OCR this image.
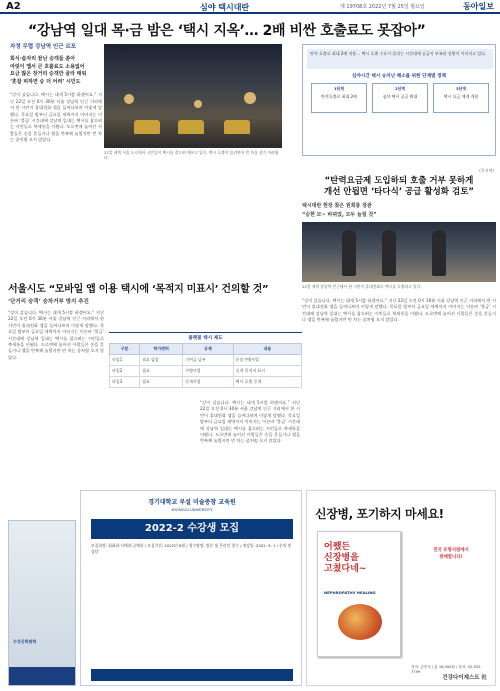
A2	심야 택시대란	제 19708호 2022년 7월 25일 월요일	동아일보
“강남역 일대 목·금 밤은 ‘택시 지옥’… 2배 비싼 호출료도 못잡아”
자정 무렵 강남역 인근 르포
회식·술자리 끝난 승객들 쏟아
여럿이 앱서 큰 호출료도 소용없어
요금 많은 장거리 승객만 골라 태워
‘혼잡 피하면 승 더 어려’ 시민도
“강이 갔습니다. 택시는 대개 5시쯤 하겠어요.” 지난 22일 오전 0시 30분 서울 강남역 인근 거리에서 한 시민이 휴대전화 앱을 들여다보며 이렇게 말했다. 목요일 밤부터 금요일 새벽까지 이어지는 이른바 ‘불금’ 시간대에 강남역 일대는 택시를 잡으려는 시민들로 북새통을 이뤘다. 도로변에 늘어선 사람들은 손을 흔들거나 앱을 반복해 눌렀지만 빈 차는 좀처럼 오지 않았다.
22일 새벽 서울 도로에서 시민들이 택시를 잡으려 애쓰고 있다. 택시 호출이 몰리면서 빈 차를 찾기 어려웠다.
탄력 호출료 최대 2배 적용… 택시 호출 수요가 몰리는 시간대에 공급이 부족한 상황이 이어지고 있다.
심야시간 택시 승차난 해소를 위한 단계별 정책
1단계
탄력호출료 최대 2배
2단계
심야 택시 공급 확대
3단계
택시 요금 체계 개편
(천지연)
“탄력요금제 도입하되 호출 거부 못하게
개선 안됩면 ‘타다식’ 공급 활성화 검토”
택시대란 현장 찾은 원희룡 장관
“승한 모~ 바뀌었, 모두 늘질 것”
22일 새벽 강남역 인근에서 한 시민이 휴대전화로 택시를 호출하고 있다.
“강이 갔습니다. 택시는 대개 5시쯤 하겠어요.” 지난 22일 오전 0시 30분 서울 강남역 인근 거리에서 한 시민이 휴대전화 앱을 들여다보며 이렇게 말했다. 목요일 밤부터 금요일 새벽까지 이어지는 이른바 ‘불금’ 시간대에 강남역 일대는 택시를 잡으려는 시민들로 북새통을 이뤘다. 도로변에 늘어선 사람들은 손을 흔들거나 앱을 반복해 눌렀지만 빈 차는 좀처럼 오지 않았다.
서울시도 “모바일 앱 이용 택시에 ‘목적지 미표시’ 건의할 것”
‘단거리 승객’ 승차거부 방지 추진
“강이 갔습니다. 택시는 대개 5시쯤 하겠어요.” 지난 22일 오전 0시 30분 서울 강남역 인근 거리에서 한 시민이 휴대전화 앱을 들여다보며 이렇게 말했다. 목요일 밤부터 금요일 새벽까지 이어지는 이른바 ‘불금’ 시간대에 강남역 일대는 택시를 잡으려는 시민들로 북새통을 이뤘다. 도로변에 늘어선 사람들은 손을 흔들거나 앱을 반복해 눌렀지만 빈 차는 좀처럼 오지 않았다.
플랫폼 택시 제도
구분	허가면허	규제	내용
타입1	필요 없음	기여금 납부	운송가맹사업
타입2	필요	가맹사업	승객 목적지 표시
타입3	필요	중개사업	택시 호출 중개
“강이 갔습니다. 택시는 대개 5시쯤 하겠어요.” 지난 22일 오전 0시 30분 서울 강남역 인근 거리에서 한 시민이 휴대전화 앱을 들여다보며 이렇게 말했다. 목요일 밤부터 금요일 새벽까지 이어지는 이른바 ‘불금’ 시간대에 강남역 일대는 택시를 잡으려는 시민들로 북새통을 이뤘다. 도로변에 늘어선 사람들은 손을 흔들거나 앱을 반복해 눌렀지만 빈 차는 좀처럼 오지 않았다.
수성신학원학
경기대학교 부설 미술중창 교육원
KYONGGI UNIVERSITY
2022-2 수강생 모집
모집과정: 회화과·서예과·공예과 / 모집기간: 2022년 8월 / 접수방법: 방문 및 온라인 접수 / 개강일: 2022. 9. 1 / 문의 및 상담
신장병, 포기하지 마세요!
어쨌든
신장병을
고쳤다네~
NEPHROPATHY HEALING
전국 유명서점에서
판매합니다!
저자: 김종석 / 값 16,000원 / 문의: 02-922-7799
건강다이제스트 社
